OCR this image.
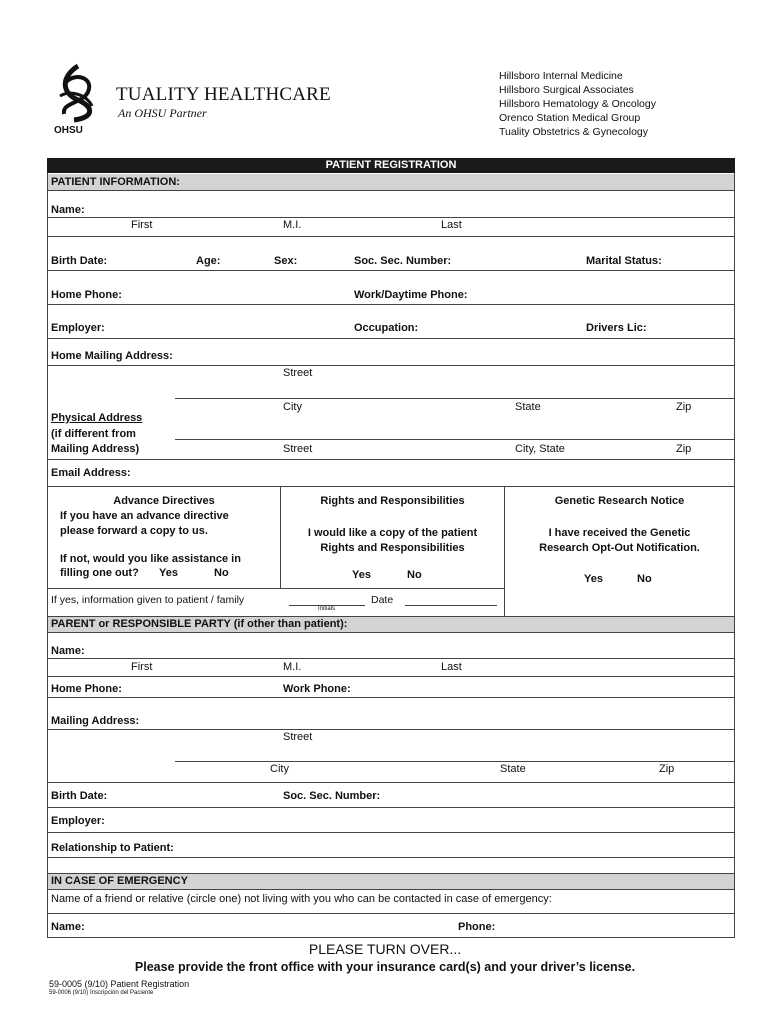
OHSU
TUALITY HEALTHCARE
An OHSU Partner
Hillsboro Internal Medicine
Hillsboro Surgical Associates
Hillsboro Hematology & Oncology
Orenco Station Medical Group
Tuality Obstetrics & Gynecology
PATIENT REGISTRATION
PATIENT INFORMATION:
Name:
First	M.I.	Last
Birth Date:	Age:	Sex:	Soc. Sec. Number:	Marital Status:
Home Phone:	Work/Daytime Phone:
Employer:	Occupation:	Drivers Lic:
Home Mailing Address:
Street
City	State	Zip
Physical Address
(if different from
Mailing Address)	Street	City, State	Zip
Email Address:
Advance Directives
If you have an advance directive
please forward a copy to us.
If not, would you like assistance in
filling one out? Yes	No
Rights and Responsibilities
I would like a copy of the patient
Rights and Responsibilities
Yes	No
Genetic Research Notice
I have received the Genetic
Research Opt-Out Notification.
Yes	No
If yes, information given to patient / family
Initials
Date
PARENT or RESPONSIBLE PARTY (if other than patient):
Name:
First	M.I.	Last
Home Phone:	Work Phone:
Mailing Address:
Street
City	State	Zip
Birth Date:	Soc. Sec. Number:
Employer:
Relationship to Patient:
IN CASE OF EMERGENCY
Name of a friend or relative (circle one) not living with you who can be contacted in case of emergency:
Name:	Phone:
PLEASE TURN OVER...
Please provide the front office with your insurance card(s) and your driver’s license.
59-0005 (9/10) Patient Registration
59-0006 (9/10) Inscripción del Paciente
